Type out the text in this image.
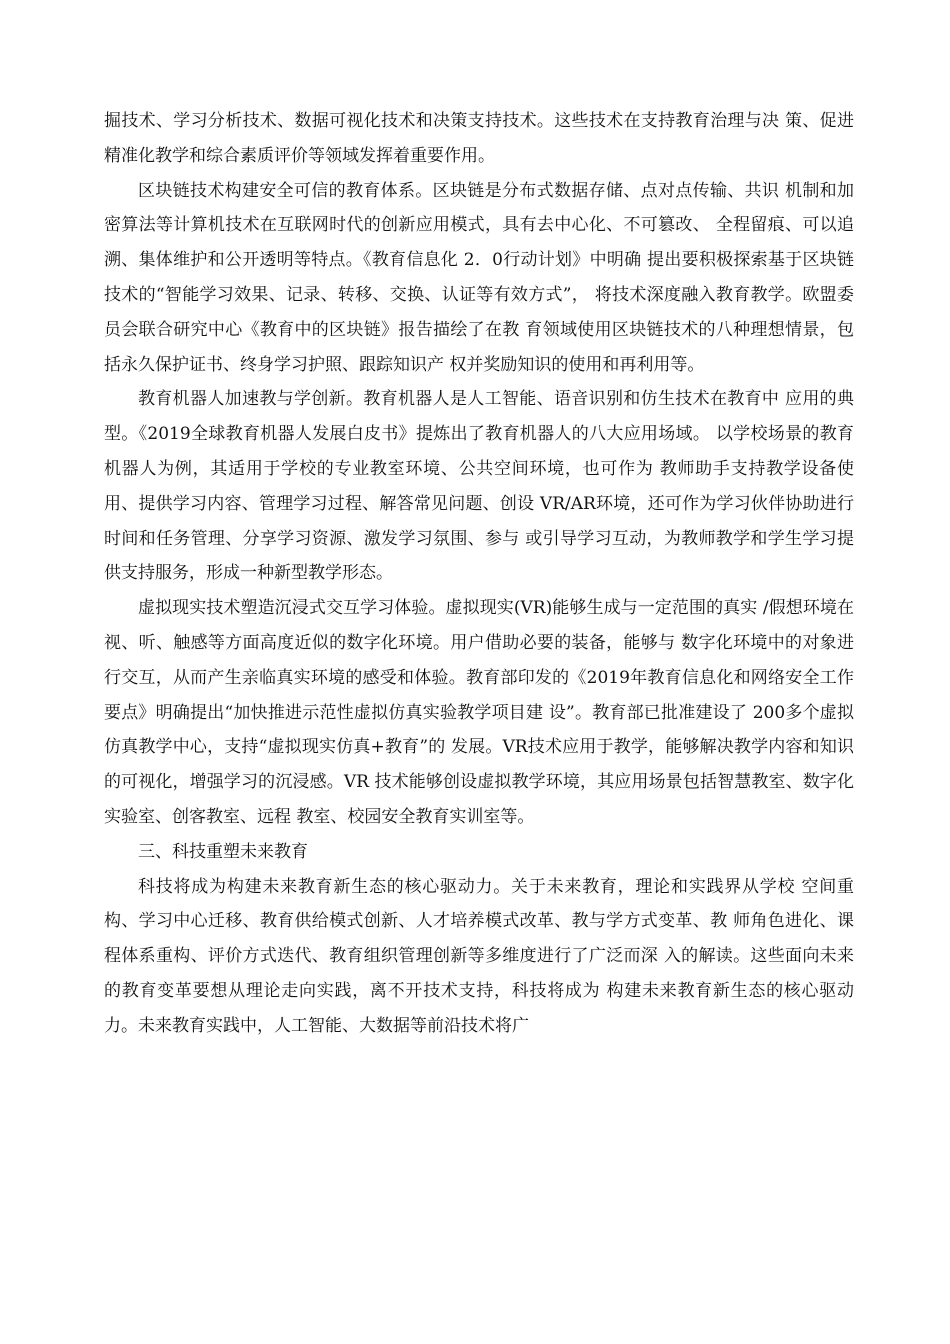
掘技术、学习分析技术、数据可视化技术和决策支持技术。这些技术在支持教育治理与决 策、促进精准化教学和综合素质评价等领域发挥着重要作用。

区块链技术构建安全可信的教育体系。区块链是分布式数据存储、点对点传输、共识 机制和加密算法等计算机技术在互联网时代的创新应用模式，具有去中心化、不可篡改、 全程留痕、可以追溯、集体维护和公开透明等特点。《教育信息化 2．0行动计划》中明确 提出要积极探索基于区块链技术的“智能学习效果、记录、转移、交换、认证等有效方式”， 将技术深度融入教育教学。欧盟委员会联合研究中心《教育中的区块链》报告描绘了在教 育领域使用区块链技术的八种理想情景，包括永久保护证书、终身学习护照、跟踪知识产 权并奖励知识的使用和再利用等。

教育机器人加速教与学创新。教育机器人是人工智能、语音识别和仿生技术在教育中 应用的典型。《2019全球教育机器人发展白皮书》提炼出了教育机器人的八大应用场域。 以学校场景的教育机器人为例，其适用于学校的专业教室环境、公共空间环境，也可作为 教师助手支持教学设备使用、提供学习内容、管理学习过程、解答常见问题、创设 VR/AR环境，还可作为学习伙伴协助进行时间和任务管理、分享学习资源、激发学习氛围、参与 或引导学习互动，为教师教学和学生学习提供支持服务，形成一种新型教学形态。

虚拟现实技术塑造沉浸式交互学习体验。虚拟现实(VR)能够生成与一定范围的真实 /假想环境在视、听、触感等方面高度近似的数字化环境。用户借助必要的装备，能够与 数字化环境中的对象进行交互，从而产生亲临真实环境的感受和体验。教育部印发的《2019年教育信息化和网络安全工作要点》明确提出“加快推进示范性虚拟仿真实验教学项目建 设”。教育部已批准建设了 200多个虚拟仿真教学中心，支持“虚拟现实仿真+教育”的 发展。VR技术应用于教学，能够解决教学内容和知识的可视化，增强学习的沉浸感。VR 技术能够创设虚拟教学环境，其应用场景包括智慧教室、数字化实验室、创客教室、远程 教室、校园安全教育实训室等。

三、科技重塑未来教育

科技将成为构建未来教育新生态的核心驱动力。关于未来教育，理论和实践界从学校 空间重构、学习中心迁移、教育供给模式创新、人才培养模式改革、教与学方式变革、教 师角色进化、课程体系重构、评价方式迭代、教育组织管理创新等多维度进行了广泛而深 入的解读。这些面向未来的教育变革要想从理论走向实践，离不开技术支持，科技将成为 构建未来教育新生态的核心驱动力。未来教育实践中，人工智能、大数据等前沿技术将广
